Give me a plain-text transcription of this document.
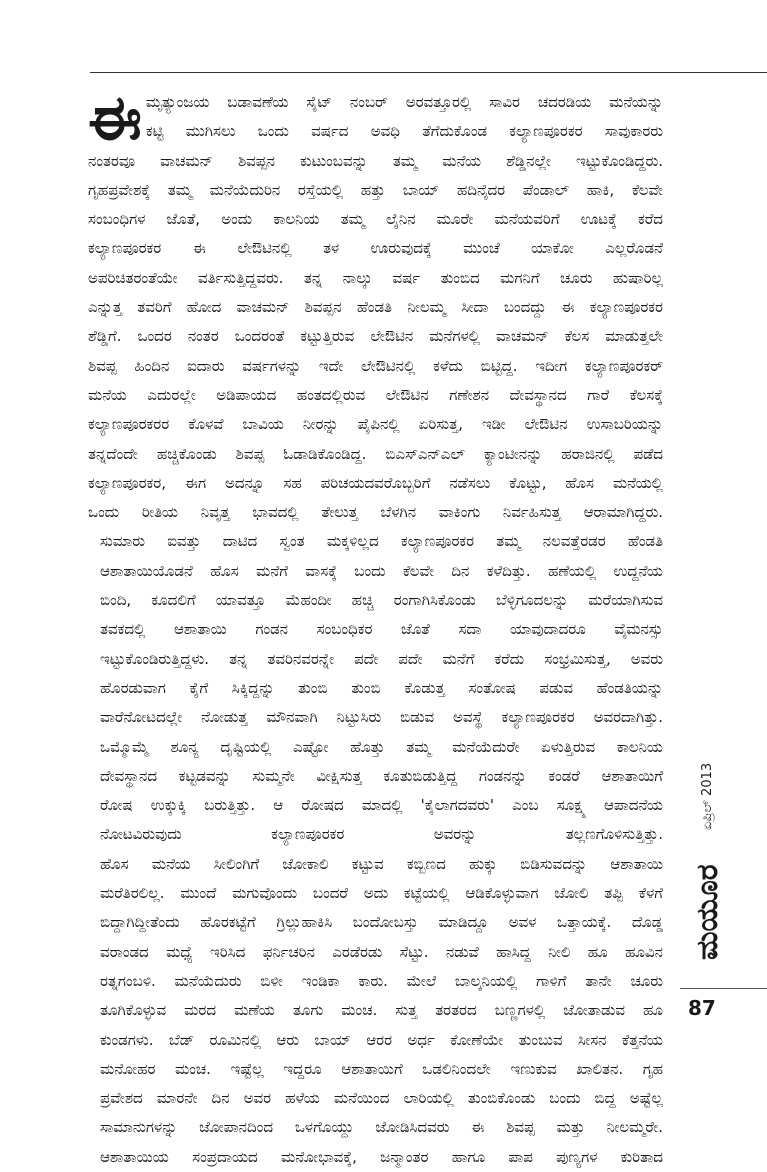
ಈ ಮೃತ್ಯುಂಜಯ ಬಡಾವಣೆಯ ಸೈಟ್ ನಂಬರ್ ಅರವತ್ತೂರಲ್ಲಿ ಸಾವಿರ ಚದರಡಿಯ ಮನೆಯನ್ನು
ಕಟ್ಟಿ ಮುಗಿಸಲು ಒಂದು ವರ್ಷದ ಅವಧಿ ತೆಗೆದುಕೊಂಡ ಕಲ್ಯಾಣಪೂರಕರ ಸಾವುಕಾರರು
ನಂತರವೂ ವಾಚಮನ್ ಶಿವಪ್ಪನ ಕುಟುಂಬವನ್ನು ತಮ್ಮ ಮನೆಯ ಶೆಡ್ಡಿನಲ್ಲೇ ಇಟ್ಟುಕೊಂಡಿದ್ದರು.
ಗೃಹಪ್ರವೇಶಕ್ಕೆ ತಮ್ಮ ಮನೆಯೆದುರಿನ ರಸ್ತೆಯಲ್ಲಿ ಹತ್ತು ಬಾಯ್ ಹದಿನೈದರ ಪೆಂಡಾಲ್ ಹಾಕಿ, ಕೆಲವೇ
ಸಂಬಂಧಿಗಳ ಜೊತೆ, ಅಂದು ಕಾಲನಿಯ ತಮ್ಮ ಲೈನಿನ ಮೂರೇ ಮನೆಯವರಿಗೆ ಊಟಕ್ಕೆ ಕರೆದ
ಕಲ್ಯಾಣಪೂರಕರ ಈ ಲೇಔಟಿನಲ್ಲಿ ತಳ ಊರುವುದಕ್ಕೆ ಮುಂಚೆ ಯಾಕೋ ಎಲ್ಲರೊಡನೆ
ಅಪರಿಚಿತರಂತೆಯೇ ವರ್ತಿಸುತ್ತಿದ್ದವರು. ತನ್ನ ನಾಲ್ಕು ವರ್ಷ ತುಂಬಿದ ಮಗನಿಗೆ ಚೂರು ಹುಷಾರಿಲ್ಲ
ಎನ್ನುತ್ತ ತವರಿಗೆ ಹೋದ ವಾಚಮನ್ ಶಿವಪ್ಪನ ಹೆಂಡತಿ ನೀಲಮ್ಮ ಸೀದಾ ಬಂದದ್ದು ಈ ಕಲ್ಯಾಣಪೂರಕರ
ಶೆಡ್ಡಿಗೆ. ಒಂದರ ನಂತರ ಒಂದರಂತೆ ಕಟ್ಟುತ್ತಿರುವ ಲೇಔಟಿನ ಮನೆಗಳಲ್ಲಿ ವಾಚಮನ್ ಕೆಲಸ ಮಾಡುತ್ತಲೇ
ಶಿವಪ್ಪ ಹಿಂದಿನ ಐದಾರು ವರ್ಷಗಳನ್ನು ಇದೇ ಲೇಔಟಿನಲ್ಲಿ ಕಳೆದು ಬಿಟ್ಟಿದ್ದ. ಇದೀಗ ಕಲ್ಯಾಣಪೂರಕರ್
ಮನೆಯ ಎದುರಲ್ಲೇ ಅಡಿಪಾಯದ ಹಂತದಲ್ಲಿರುವ ಲೇಔಟಿನ ಗಣೇಶನ ದೇವಸ್ಥಾನದ ಗಾರೆ ಕೆಲಸಕ್ಕೆ
ಕಲ್ಯಾಣಪೂರಕರರ ಕೊಳವೆ ಬಾವಿಯ ನೀರನ್ನು ಪೈಪಿನಲ್ಲಿ ಏರಿಸುತ್ತ, ಇಡೀ ಲೇಔಟಿನ ಉಸಾಬರಿಯನ್ನು
ತನ್ನದೆಂದೇ ಹಚ್ಚಿಕೊಂಡು ಶಿವಪ್ಪ ಓಡಾಡಿಕೊಂಡಿದ್ದ. ಬಿಎಸ್‌ಎನ್‌ಎಲ್ ಕ್ಯಾಂಟೀನನ್ನು ಹರಾಜಿನಲ್ಲಿ ಪಡೆದ
ಕಲ್ಯಾಣಪೂರಕರ, ಈಗ ಅದನ್ನೂ ಸಹ ಪರಿಚಯದವರೊಬ್ಬರಿಗೆ ನಡೆಸಲು ಕೊಟ್ಟು, ಹೊಸ ಮನೆಯಲ್ಲಿ
ಒಂದು ರೀತಿಯ ನಿವೃತ್ತ ಭಾವದಲ್ಲಿ ತೇಲುತ್ತ ಬೆಳಗಿನ ವಾಕಿಂಗು ನಿರ್ವಹಿಸುತ್ತ ಆರಾಮಾಗಿದ್ದರು.

ಸುಮಾರು ಐವತ್ತು ದಾಟಿದ ಸ್ವಂತ ಮಕ್ಕಳಿಲ್ಲದ ಕಲ್ಯಾಣಪೂರಕರ ತಮ್ಮ ನಲವತ್ತೆರಡರ ಹೆಂಡತಿ
ಆಶಾತಾಯಿಯೊಡನೆ ಹೊಸ ಮನೆಗೆ ವಾಸಕ್ಕೆ ಬಂದು ಕೆಲವೇ ದಿನ ಕಳೆದಿತ್ತು. ಹಣೆಯಲ್ಲಿ ಉದ್ದನೆಯ
ಬಿಂದಿ, ಕೂದಲಿಗೆ ಯಾವತ್ತೂ ಮೆಹಂದೀ ಹಚ್ಚಿ ರಂಗಾಗಿಸಿಕೊಂಡು ಬೆಳ್ಳಿಗೂದಲನ್ನು ಮರೆಯಾಗಿಸುವ
ತವಕದಲ್ಲಿ ಆಶಾತಾಯಿ ಗಂಡನ ಸಂಬಂಧಿಕರ ಜೊತೆ ಸದಾ ಯಾವುದಾದರೂ ವೈಮನಸ್ಸು
ಇಟ್ಟುಕೊಂಡಿರುತ್ತಿದ್ದಳು. ತನ್ನ ತವರಿನವರನ್ನೇ ಪದೇ ಪದೇ ಮನೆಗೆ ಕರೆದು ಸಂಭ್ರಮಿಸುತ್ತ, ಅವರು
ಹೊರಡುವಾಗ ಕೈಗೆ ಸಿಕ್ಕಿದ್ದನ್ನು ತುಂಬಿ ತುಂಬಿ ಕೊಡುತ್ತ ಸಂತೋಷ ಪಡುವ ಹೆಂಡತಿಯನ್ನು
ವಾರೆನೋಟದಲ್ಲೇ ನೋಡುತ್ತ ಮೌನವಾಗಿ ನಿಟ್ಟುಸಿರು ಬಿಡುವ ಅವಸ್ಥೆ ಕಲ್ಯಾಣಪೂರಕರ ಅವರದಾಗಿತ್ತು.
ಒಮ್ಮೊಮ್ಮೆ ಶೂನ್ಯ ದೃಷ್ಟಿಯಲ್ಲಿ ಎಷ್ಟೋ ಹೊತ್ತು ತಮ್ಮ ಮನೆಯೆದುರೇ ಏಳುತ್ತಿರುವ ಕಾಲನಿಯ
ದೇವಸ್ಥಾನದ ಕಟ್ಟಡವನ್ನು ಸುಮ್ಮನೇ ವೀಕ್ಷಿಸುತ್ತ ಕೂತುಬಿಡುತ್ತಿದ್ದ ಗಂಡನನ್ನು ಕಂಡರೆ ಆಶಾತಾಯಿಗೆ
ರೋಷ ಉಕ್ಕುಕ್ಕಿ ಬರುತ್ತಿತ್ತು. ಆ ರೋಷದ ಮಾದಲ್ಲಿ 'ಕೈಲಾಗದವರು' ಎಂಬ ಸೂಕ್ಷ್ಮ ಆಪಾದನೆಯ
ನೋಟವಿರುವುದು ಕಲ್ಯಾಣಪೂರಕರ ಅವರನ್ನು ತಲ್ಲಣಗೊಳಿಸುತ್ತಿತ್ತು.

ಹೊಸ ಮನೆಯ ಸೀಲಿಂಗಿಗೆ ಜೋಕಾಲಿ ಕಟ್ಟುವ ಕಬ್ಬಿಣದ ಹುಕ್ಕು ಬಿಡಿಸುವದನ್ನು ಆಶಾತಾಯಿ
ಮರೆತಿರಲಿಲ್ಲ. ಮುಂದೆ ಮಗುವೊಂದು ಬಂದರೆ ಅದು ಕಟ್ಟೆಯಲ್ಲಿ ಆಡಿಕೊಳ್ಳುವಾಗ ಜೋಲಿ ತಪ್ಪಿ ಕೆಳಗೆ
ಬಿದ್ದಾಗಿದ್ದೀತೆಂದು ಹೊರಕಟ್ಟೆಗೆ ಗ್ರಿಲ್ಲುಹಾಕಿಸಿ ಬಂದೋಬಸ್ತು ಮಾಡಿದ್ದೂ ಅವಳ ಒತ್ತಾಯಕ್ಕೆ. ದೊಡ್ಡ
ವರಾಂಡದ ಮಧ್ಯೆ ಇರಿಸಿದ ಫರ್ನಿಚರಿನ ಎರಡೆರಡು ಸೆಟ್ಟು. ನಡುವೆ ಹಾಸಿದ್ದ ನೀಲಿ ಹೂ ಹೂವಿನ
ರತ್ನಗಂಬಳಿ. ಮನೆಯೆದುರು ಬಿಳೀ ಇಂಡಿಕಾ ಕಾರು. ಮೇಲೆ ಬಾಲ್ಕನಿಯಲ್ಲಿ ಗಾಳಿಗೆ ತಾನೇ ಚೂರು
ತೂಗಿಕೊಳ್ಳುವ ಮರದ ಮಣೆಯ ತೂಗು ಮಂಚ. ಸುತ್ತ ತರತರದ ಬಣ್ಣಗಳಲ್ಲಿ ಜೋತಾಡುವ ಹೂ
ಕುಂಡಗಳು. ಬೆಡ್ ರೂಮಿನಲ್ಲಿ ಆರು ಬಾಯ್ ಆರರ ಅರ್ಧ ಕೋಣೆಯೇ ತುಂಬುವ ಸೀಸನ ಕೆತ್ತನೆಯ
ಮನೋಹರ ಮಂಚ. ಇಷ್ಟೆಲ್ಲ ಇದ್ದರೂ ಆಶಾತಾಯಿಗೆ ಒಡಲಿನಿಂದಲೇ ಇಣುಕುವ ಖಾಲಿತನ. ಗೃಹ
ಪ್ರವೇಶದ ಮಾರನೇ ದಿನ ಅವರ ಹಳೆಯ ಮನೆಯಿಂದ ಲಾರಿಯಲ್ಲಿ ತುಂಬಿಕೊಂಡು ಬಂದು ಬಿದ್ದ ಅಷ್ಟೆಲ್ಲ
ಸಾಮಾನುಗಳನ್ನು ಜೋಪಾನದಿಂದ ಒಳಗೊಯ್ದು ಜೋಡಿಸಿದವರು ಈ ಶಿವಪ್ಪ ಮತ್ತು ನೀಲಮ್ಮರೇ.

ಆಶಾತಾಯಿಯ ಸಂಪ್ರದಾಯದ ಮನೋಭಾವಕ್ಕೆ, ಜನ್ಮಾಂತರ ಹಾಗೂ ಪಾಪ ಪುಣ್ಯಗಳ ಕುರಿತಾದ

ಏಪ್ರಿಲ್ 2013
ಮಯೂರ
87
